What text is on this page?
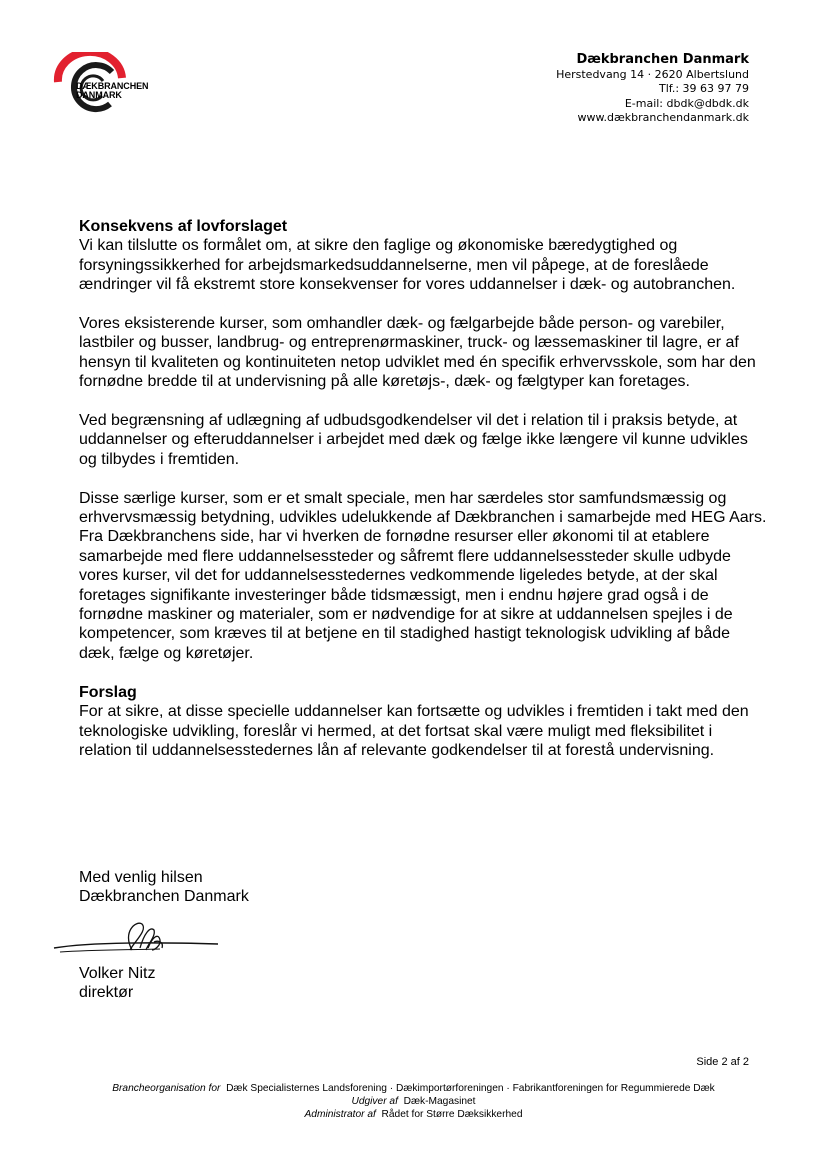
DÆKBRANCHEN
DANMARK
Dækbranchen Danmark
Herstedvang 14 · 2620 Albertslund
Tlf.: 39 63 97 79
E-mail: dbdk@dbdk.dk
www.dækbranchendanmark.dk
Konsekvens af lovforslaget

Vi kan tilslutte os formålet om, at sikre den faglige og økonomiske bæredygtighed og forsyningssikkerhed for arbejdsmarkedsuddannelserne, men vil påpege, at de foreslåede ændringer vil få ekstremt store konsekvenser for vores uddannelser i dæk- og autobranchen.

Vores eksisterende kurser, som omhandler dæk- og fælgarbejde både person- og varebiler, lastbiler og busser, landbrug- og entreprenørmaskiner, truck- og læssemaskiner til lagre, er af hensyn til kvaliteten og kontinuiteten netop udviklet med én specifik erhvervsskole, som har den fornødne bredde til at undervisning på alle køretøjs-, dæk- og fælgtyper kan foretages.

Ved begrænsning af udlægning af udbudsgodkendelser vil det i relation til i praksis betyde, at uddannelser og efteruddannelser i arbejdet med dæk og fælge ikke længere vil kunne udvikles og tilbydes i fremtiden.

Disse særlige kurser, som er et smalt speciale, men har særdeles stor samfundsmæssig og erhvervsmæssig betydning, udvikles udelukkende af Dækbranchen i samarbejde med HEG Aars. Fra Dækbranchens side, har vi hverken de fornødne resurser eller økonomi til at etablere samarbejde med flere uddannelsessteder og såfremt flere uddannelsessteder skulle udbyde vores kurser, vil det for uddannelsesstedernes vedkommende ligeledes betyde, at der skal foretages signifikante investeringer både tidsmæssigt, men i endnu højere grad også i de fornødne maskiner og materialer, som er nødvendige for at sikre at uddannelsen spejles i de kompetencer, som kræves til at betjene en til stadighed hastigt teknologisk udvikling af både dæk, fælge og køretøjer.

Forslag

For at sikre, at disse specielle uddannelser kan fortsætte og udvikles i fremtiden i takt med den teknologiske udvikling, foreslår vi hermed, at det fortsat skal være muligt med fleksibilitet i relation til uddannelsesstedernes lån af relevante godkendelser til at forestå undervisning.

Med venlig hilsen
Dækbranchen Danmark
Volker Nitz
direktør
Side 2 af 2
Brancheorganisation for Dæk Specialisternes Landsforening · Dækimportørforeningen · Fabrikantforeningen for Regummierede Dæk
Udgiver af Dæk-Magasinet
Administrator af Rådet for Større Dæksikkerhed
